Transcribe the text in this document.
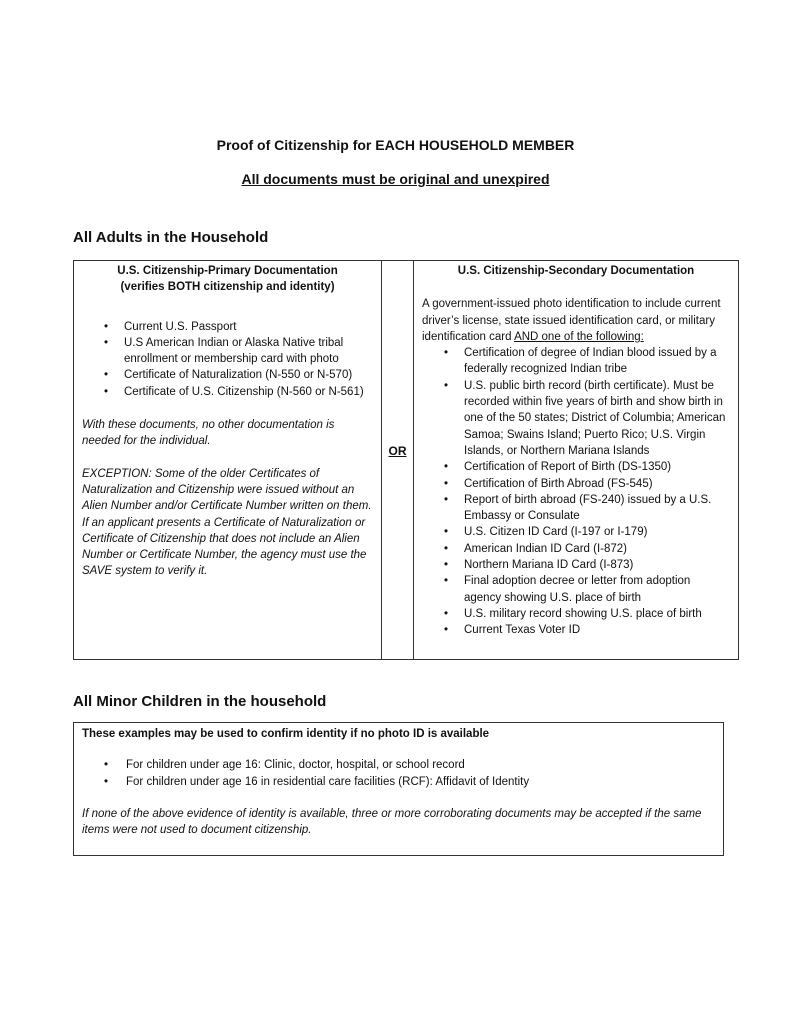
Proof of Citizenship for EACH HOUSEHOLD MEMBER
All documents must be original and unexpired
All Adults in the Household
U.S. Citizenship-Primary Documentation
(verifies BOTH citizenship and identity)
• Current U.S. Passport
• U.S American Indian or Alaska Native tribal enrollment or membership card with photo
• Certificate of Naturalization (N-550 or N-570)
• Certificate of U.S. Citizenship (N-560 or N-561)
With these documents, no other documentation is needed for the individual.
EXCEPTION: Some of the older Certificates of Naturalization and Citizenship were issued without an Alien Number and/or Certificate Number written on them. If an applicant presents a Certificate of Naturalization or Certificate of Citizenship that does not include an Alien Number or Certificate Number, the agency must use the SAVE system to verify it.
	OR	
U.S. Citizenship-Secondary Documentation
A government-issued photo identification to include current driver’s license, state issued identification card, or military identification card AND one of the following:
• Certification of degree of Indian blood issued by a federally recognized Indian tribe
• U.S. public birth record (birth certificate). Must be recorded within five years of birth and show birth in one of the 50 states; District of Columbia; American Samoa; Swains Island; Puerto Rico; U.S. Virgin Islands, or Northern Mariana Islands
• Certification of Report of Birth (DS-1350)
• Certification of Birth Abroad (FS-545)
• Report of birth abroad (FS-240) issued by a U.S. Embassy or Consulate
• U.S. Citizen ID Card (I-197 or I-179)
• American Indian ID Card (I-872)
• Northern Mariana ID Card (I-873)
• Final adoption decree or letter from adoption agency showing U.S. place of birth
• U.S. military record showing U.S. place of birth
• Current Texas Voter ID
All Minor Children in the household
These examples may be used to confirm identity if no photo ID is available
• For children under age 16: Clinic, doctor, hospital, or school record
• For children under age 16 in residential care facilities (RCF): Affidavit of Identity
If none of the above evidence of identity is available, three or more corroborating documents may be accepted if the same items were not used to document citizenship.
